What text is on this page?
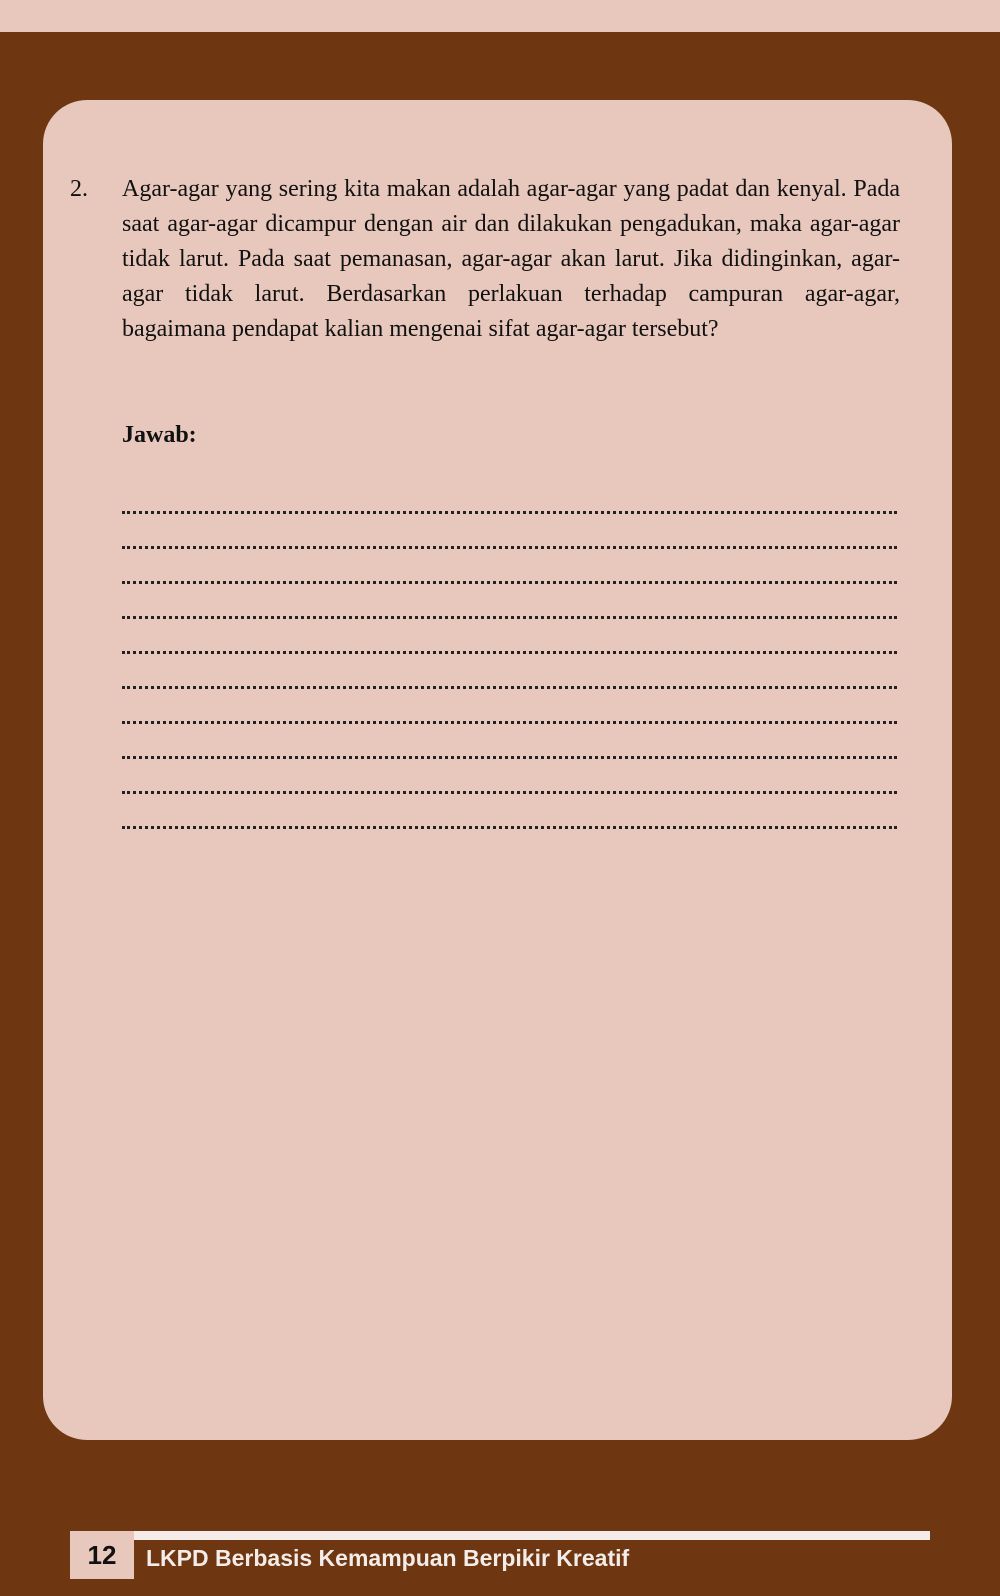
2. Agar-agar yang sering kita makan adalah agar-agar yang padat dan kenyal. Pada saat agar-agar dicampur dengan air dan dilakukan pengadukan, maka agar-agar tidak larut. Pada saat pemanasan, agar-agar akan larut. Jika didinginkan, agar-agar tidak larut. Berdasarkan perlakuan terhadap campuran agar-agar, bagaimana pendapat kalian mengenai sifat agar-agar tersebut?
Jawab:
12	LKPD Berbasis Kemampuan Berpikir Kreatif
